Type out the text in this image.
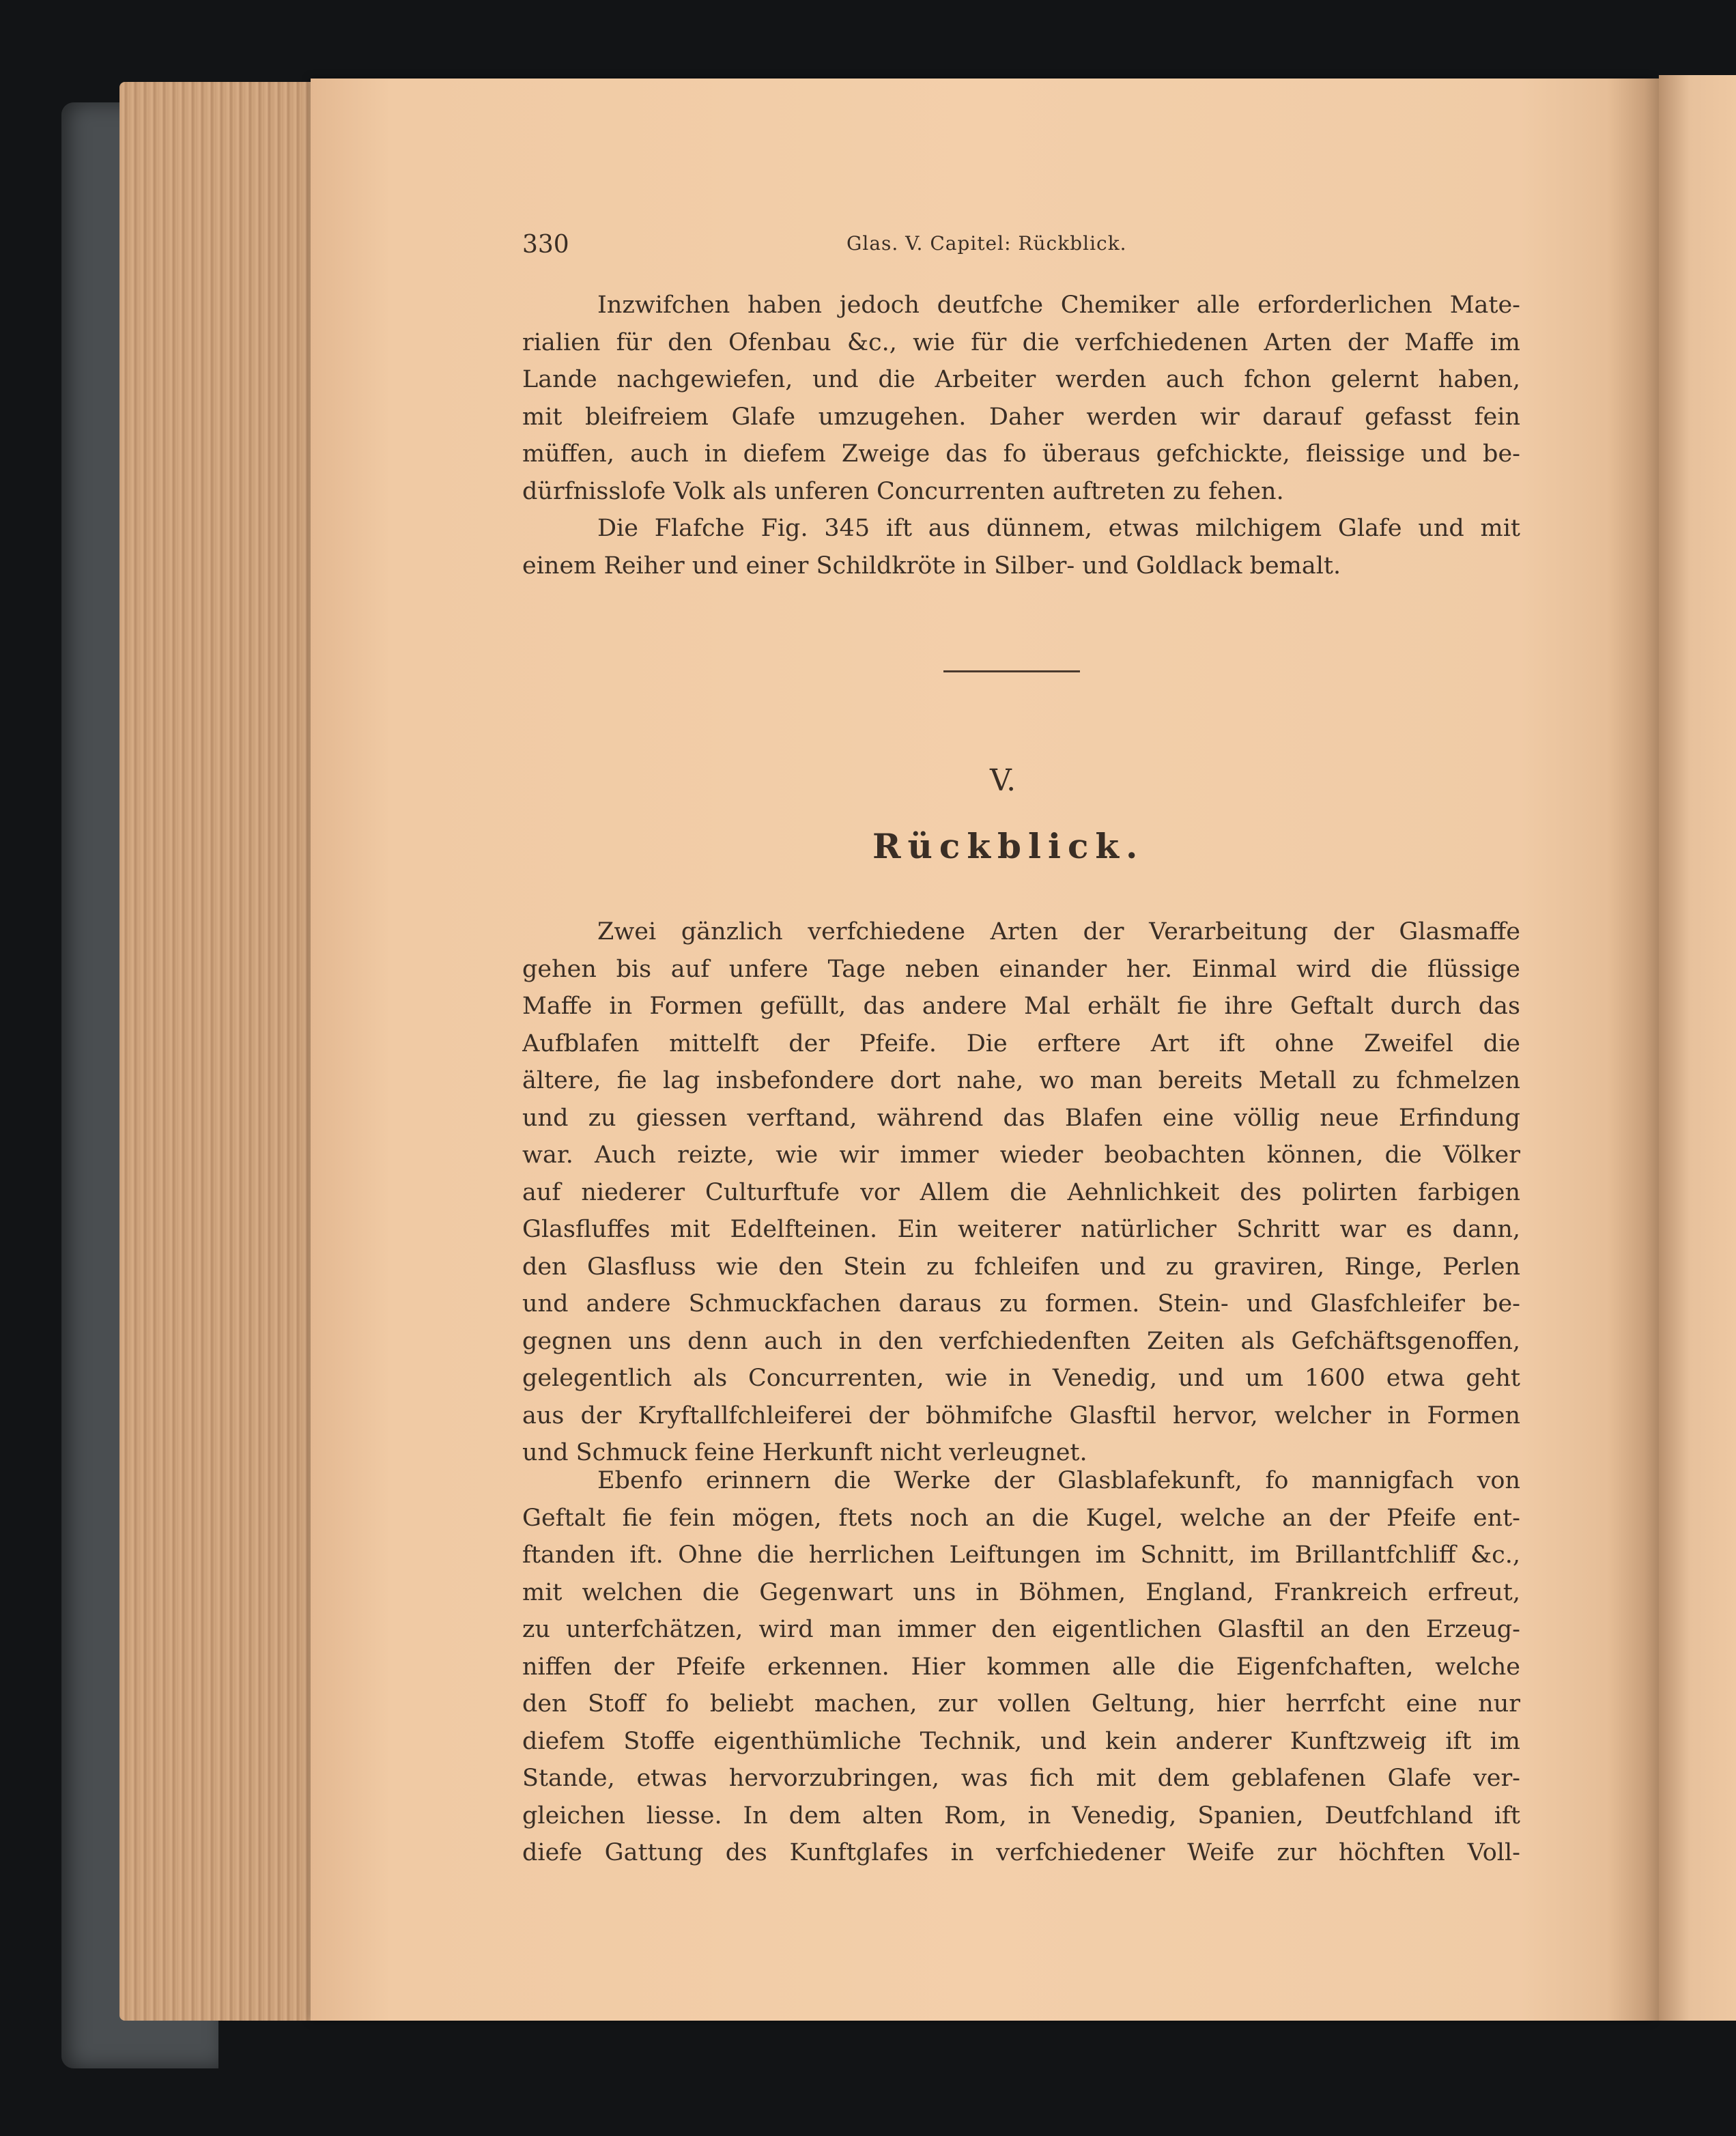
330	Glas. V. Capitel: Rückblick.
Inzwifchen haben jedoch deutfche Chemiker alle erforderlichen Mate-
rialien für den Ofenbau &c., wie für die verfchiedenen Arten der Maffe im
Lande nachgewiefen, und die Arbeiter werden auch fchon gelernt haben,
mit bleifreiem Glafe umzugehen. Daher werden wir darauf gefasst fein
müffen, auch in diefem Zweige das fo überaus gefchickte, fleissige und be-
dürfnisslofe Volk als unferen Concurrenten auftreten zu fehen.
Die Flafche Fig. 345 ift aus dünnem, etwas milchigem Glafe und mit
einem Reiher und einer Schildkröte in Silber- und Goldlack bemalt.
V.
Rückblick.
Zwei gänzlich verfchiedene Arten der Verarbeitung der Glasmaffe
gehen bis auf unfere Tage neben einander her. Einmal wird die flüssige
Maffe in Formen gefüllt, das andere Mal erhält fie ihre Geftalt durch das
Aufblafen mittelft der Pfeife. Die erftere Art ift ohne Zweifel die
ältere, fie lag insbefondere dort nahe, wo man bereits Metall zu fchmelzen
und zu giessen verftand, während das Blafen eine völlig neue Erfindung
war. Auch reizte, wie wir immer wieder beobachten können, die Völker
auf niederer Culturftufe vor Allem die Aehnlichkeit des polirten farbigen
Glasfluffes mit Edelfteinen. Ein weiterer natürlicher Schritt war es dann,
den Glasfluss wie den Stein zu fchleifen und zu graviren, Ringe, Perlen
und andere Schmuckfachen daraus zu formen. Stein- und Glasfchleifer be-
gegnen uns denn auch in den verfchiedenften Zeiten als Gefchäftsgenoffen,
gelegentlich als Concurrenten, wie in Venedig, und um 1600 etwa geht
aus der Kryftallfchleiferei der böhmifche Glasftil hervor, welcher in Formen
und Schmuck feine Herkunft nicht verleugnet.
Ebenfo erinnern die Werke der Glasblafekunft, fo mannigfach von
Geftalt fie fein mögen, ftets noch an die Kugel, welche an der Pfeife ent-
ftanden ift. Ohne die herrlichen Leiftungen im Schnitt, im Brillantfchliff &c.,
mit welchen die Gegenwart uns in Böhmen, England, Frankreich erfreut,
zu unterfchätzen, wird man immer den eigentlichen Glasftil an den Erzeug-
niffen der Pfeife erkennen. Hier kommen alle die Eigenfchaften, welche
den Stoff fo beliebt machen, zur vollen Geltung, hier herrfcht eine nur
diefem Stoffe eigenthümliche Technik, und kein anderer Kunftzweig ift im
Stande, etwas hervorzubringen, was fich mit dem geblafenen Glafe ver-
gleichen liesse. In dem alten Rom, in Venedig, Spanien, Deutfchland ift
diefe Gattung des Kunftglafes in verfchiedener Weife zur höchften Voll-
